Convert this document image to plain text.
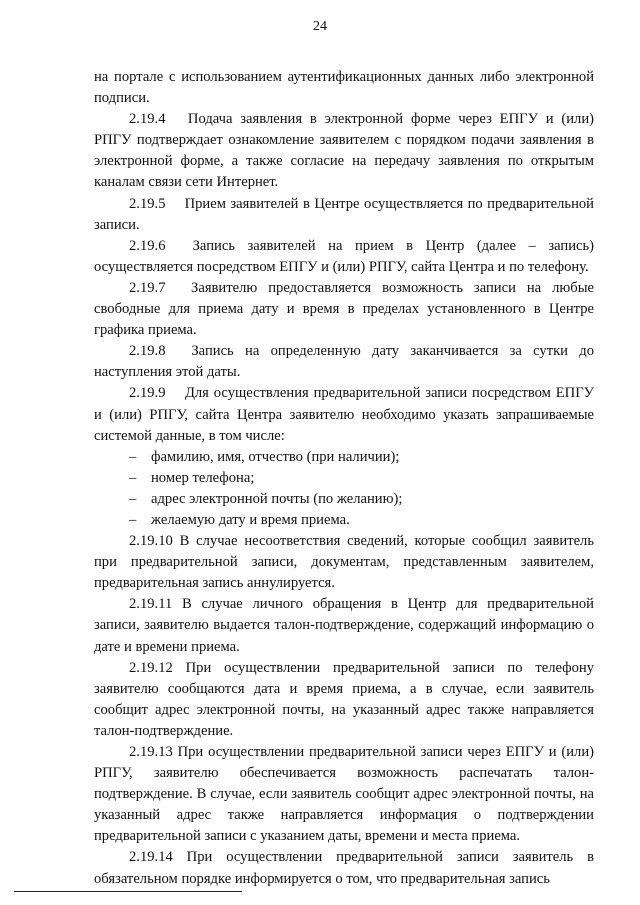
24

на портале с использованием аутентификационных данных либо электронной подписи.

2.19.4  Подача заявления в электронной форме через ЕПГУ и (или) РПГУ подтверждает ознакомление заявителем с порядком подачи заявления в электронной форме, а также согласие на передачу заявления по открытым каналам связи сети Интернет.

2.19.5  Прием заявителей в Центре осуществляется по предварительной записи.

2.19.6  Запись заявителей на прием в Центр (далее – запись) осуществляется посредством ЕПГУ и (или) РПГУ, сайта Центра и по телефону.

2.19.7  Заявителю предоставляется возможность записи на любые свободные для приема дату и время в пределах установленного в Центре графика приема.

2.19.8  Запись на определенную дату заканчивается за сутки до наступления этой даты.

2.19.9  Для осуществления предварительной записи посредством ЕПГУ и (или) РПГУ, сайта Центра заявителю необходимо указать запрашиваемые системой данные, в том числе:

– фамилию, имя, отчество (при наличии);
– номер телефона;
– адрес электронной почты (по желанию);
– желаемую дату и время приема.

2.19.10 В случае несоответствия сведений, которые сообщил заявитель при предварительной записи, документам, представленным заявителем, предварительная запись аннулируется.

2.19.11 В случае личного обращения в Центр для предварительной записи, заявителю выдается талон-подтверждение, содержащий информацию о дате и времени приема.

2.19.12 При осуществлении предварительной записи по телефону заявителю сообщаются дата и время приема, а в случае, если заявитель сообщит адрес электронной почты, на указанный адрес также направляется талон-подтверждение.

2.19.13 При осуществлении предварительной записи через ЕПГУ и (или) РПГУ, заявителю обеспечивается возможность распечатать талон-подтверждение. В случае, если заявитель сообщит адрес электронной почты, на указанный адрес также направляется информация о подтверждении предварительной записи с указанием даты, времени и места приема.

2.19.14 При осуществлении предварительной записи заявитель в обязательном порядке информируется о том, что предварительная запись
